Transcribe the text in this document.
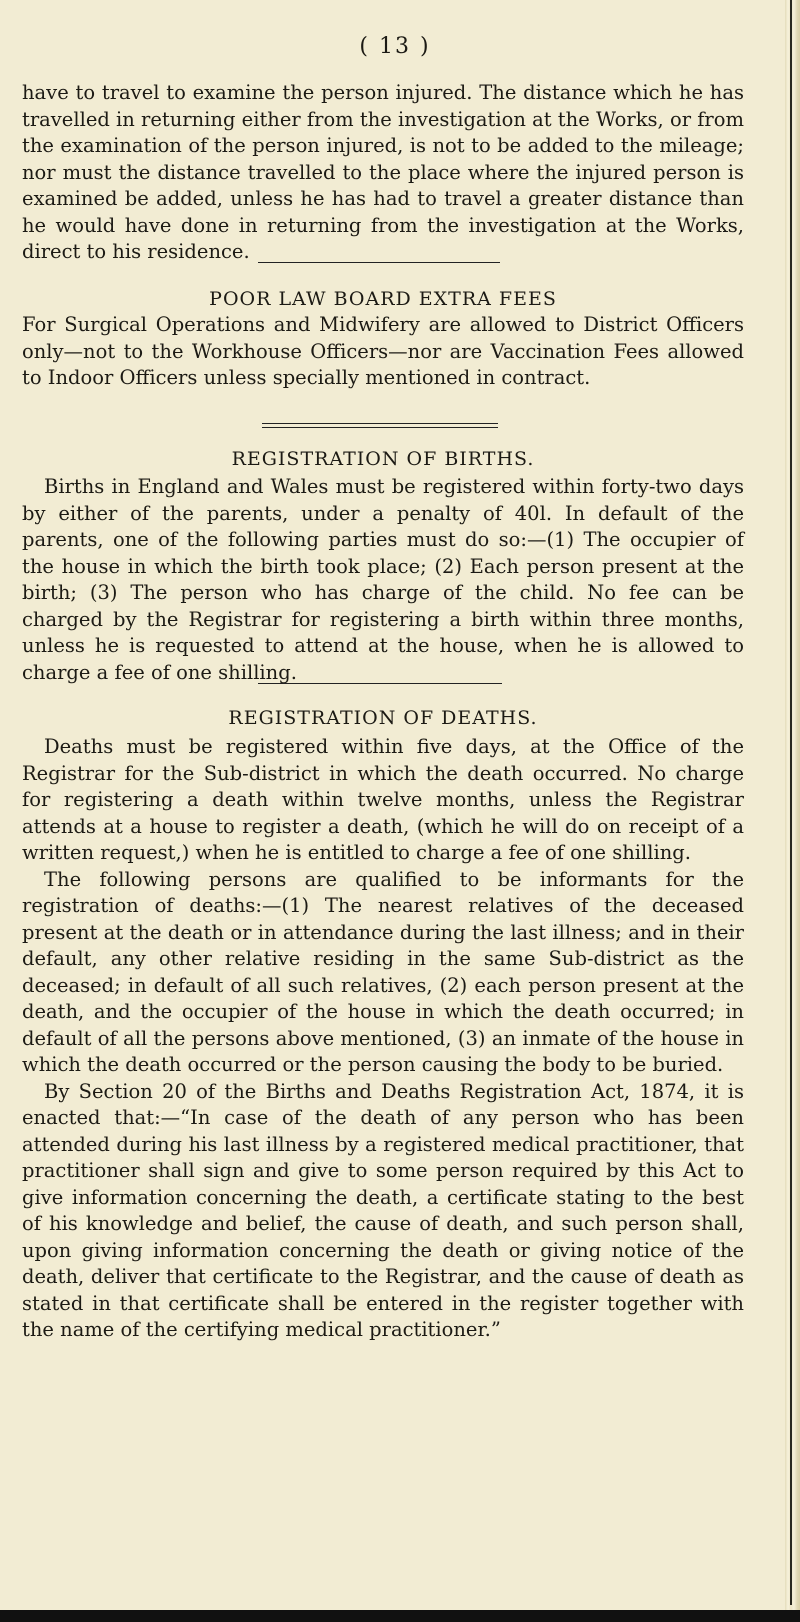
( 13 )

have to travel to examine the person injured. The distance which he has travelled in returning either from the investigation at the Works, or from the examination of the person injured, is not to be added to the mileage; nor must the distance travelled to the place where the injured person is examined be added, unless he has had to travel a greater distance than he would have done in returning from the investigation at the Works, direct to his residence.

POOR LAW BOARD EXTRA FEES

For Surgical Operations and Midwifery are allowed to District Officers only—not to the Workhouse Officers—nor are Vaccination Fees allowed to Indoor Officers unless specially mentioned in contract.

REGISTRATION OF BIRTHS.

Births in England and Wales must be registered within forty-two days by either of the parents, under a penalty of 40l. In default of the parents, one of the following parties must do so:—(1) The occupier of the house in which the birth took place; (2) Each person present at the birth; (3) The person who has charge of the child. No fee can be charged by the Registrar for registering a birth within three months, unless he is requested to attend at the house, when he is allowed to charge a fee of one shilling.

REGISTRATION OF DEATHS.

Deaths must be registered within five days, at the Office of the Registrar for the Sub-district in which the death occurred. No charge for registering a death within twelve months, unless the Registrar attends at a house to register a death, (which he will do on receipt of a written request,) when he is entitled to charge a fee of one shilling.

The following persons are qualified to be informants for the registration of deaths:—(1) The nearest relatives of the deceased present at the death or in attendance during the last illness; and in their default, any other relative residing in the same Sub-district as the deceased; in default of all such relatives, (2) each person present at the death, and the occupier of the house in which the death occurred; in default of all the persons above mentioned, (3) an inmate of the house in which the death occurred or the person causing the body to be buried.

By Section 20 of the Births and Deaths Registration Act, 1874, it is enacted that:—“In case of the death of any person who has been attended during his last illness by a registered medical practitioner, that practitioner shall sign and give to some person required by this Act to give information concerning the death, a certificate stating to the best of his knowledge and belief, the cause of death, and such person shall, upon giving information concerning the death or giving notice of the death, deliver that certificate to the Registrar, and the cause of death as stated in that certificate shall be entered in the register together with the name of the certifying medical practitioner.”
